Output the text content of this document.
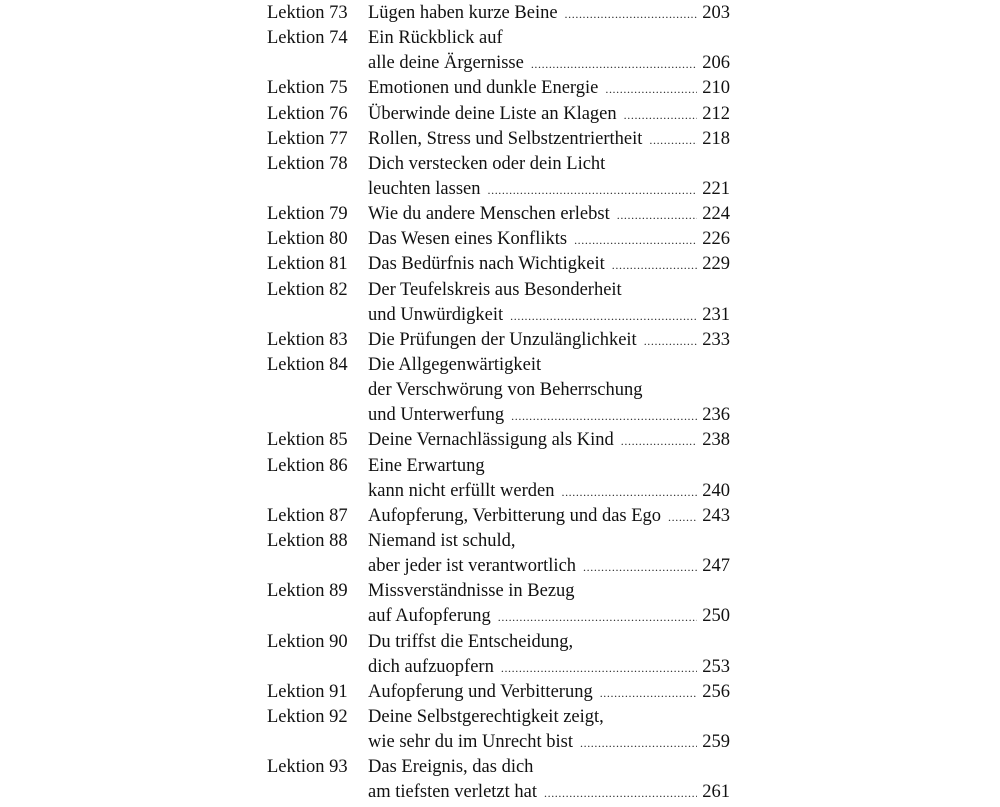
Lektion 73 Lügen haben kurze Beine .....	203
Lektion 74 Ein Rückblick auf
alle deine Ärgernisse .....	206
Lektion 75 Emotionen und dunkle Energie .....	210
Lektion 76 Überwinde deine Liste an Klagen .....	212
Lektion 77 Rollen, Stress und Selbstzentriertheit .....	218
Lektion 78 Dich verstecken oder dein Licht
leuchten lassen .....	221
Lektion 79 Wie du andere Menschen erlebst .....	224
Lektion 80 Das Wesen eines Konflikts .....	226
Lektion 81 Das Bedürfnis nach Wichtigkeit .....	229
Lektion 82 Der Teufelskreis aus Besonderheit
und Unwürdigkeit .....	231
Lektion 83 Die Prüfungen der Unzulänglichkeit .....	233
Lektion 84 Die Allgegenwärtigkeit
der Verschwörung von Beherrschung
und Unterwerfung .....	236
Lektion 85 Deine Vernachlässigung als Kind .....	238
Lektion 86 Eine Erwartung
kann nicht erfüllt werden .....	240
Lektion 87 Aufopferung, Verbitterung und das Ego ..... 243
Lektion 88 Niemand ist schuld,
aber jeder ist verantwortlich .....	247
Lektion 89 Missverständnisse in Bezug
auf Aufopferung .....	250
Lektion 90 Du triffst die Entscheidung,
dich aufzuopfern .....	253
Lektion 91 Aufopferung und Verbitterung .....	256
Lektion 92 Deine Selbstgerechtigkeit zeigt,
wie sehr du im Unrecht bist .....	259
Lektion 93 Das Ereignis, das dich
am tiefsten verletzt hat .....	261
